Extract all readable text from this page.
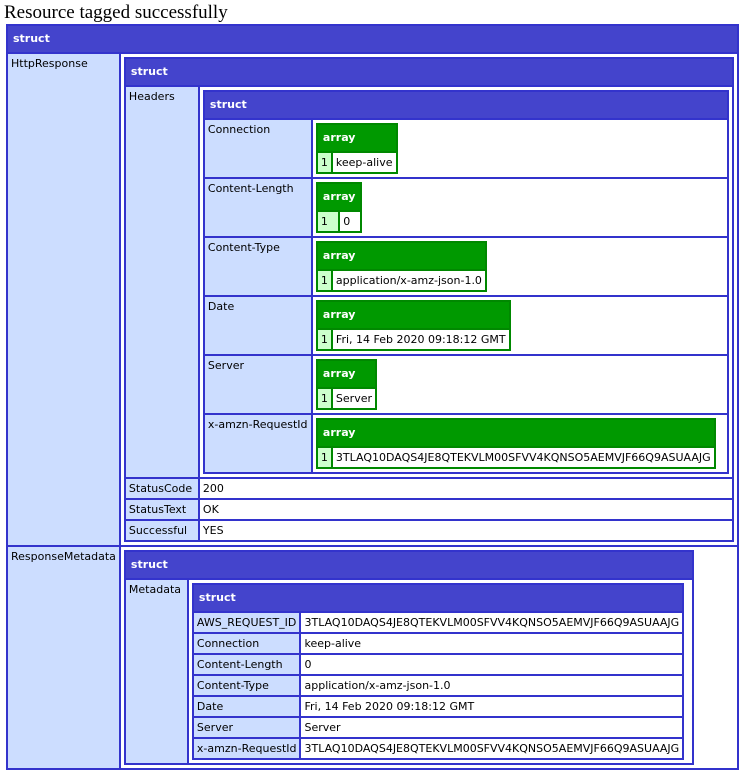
Resource tagged successfully
struct
HttpResponse	
struct
Headers	
struct
Connection	
array
1	keep-alive

Content-Length	
array
1	0

Content-Type	
array
1	application/x-amz-json-1.0

Date	
array
1	Fri, 14 Feb 2020 09:18:12 GMT

Server	
array
1	Server

x-amzn-RequestId	
array
1	3TLAQ10DAQS4JE8QTEKVLM00SFVV4KQNSO5AEMVJF66Q9ASUAAJG

StatusCode	200
StatusText	OK
Successful	YES

ResponseMetadata	
struct
Metadata	
struct
AWS_REQUEST_ID	3TLAQ10DAQS4JE8QTEKVLM00SFVV4KQNSO5AEMVJF66Q9ASUAAJG
Connection	keep-alive
Content-Length	0
Content-Type	application/x-amz-json-1.0
Date	Fri, 14 Feb 2020 09:18:12 GMT
Server	Server
x-amzn-RequestId	3TLAQ10DAQS4JE8QTEKVLM00SFVV4KQNSO5AEMVJF66Q9ASUAAJG
